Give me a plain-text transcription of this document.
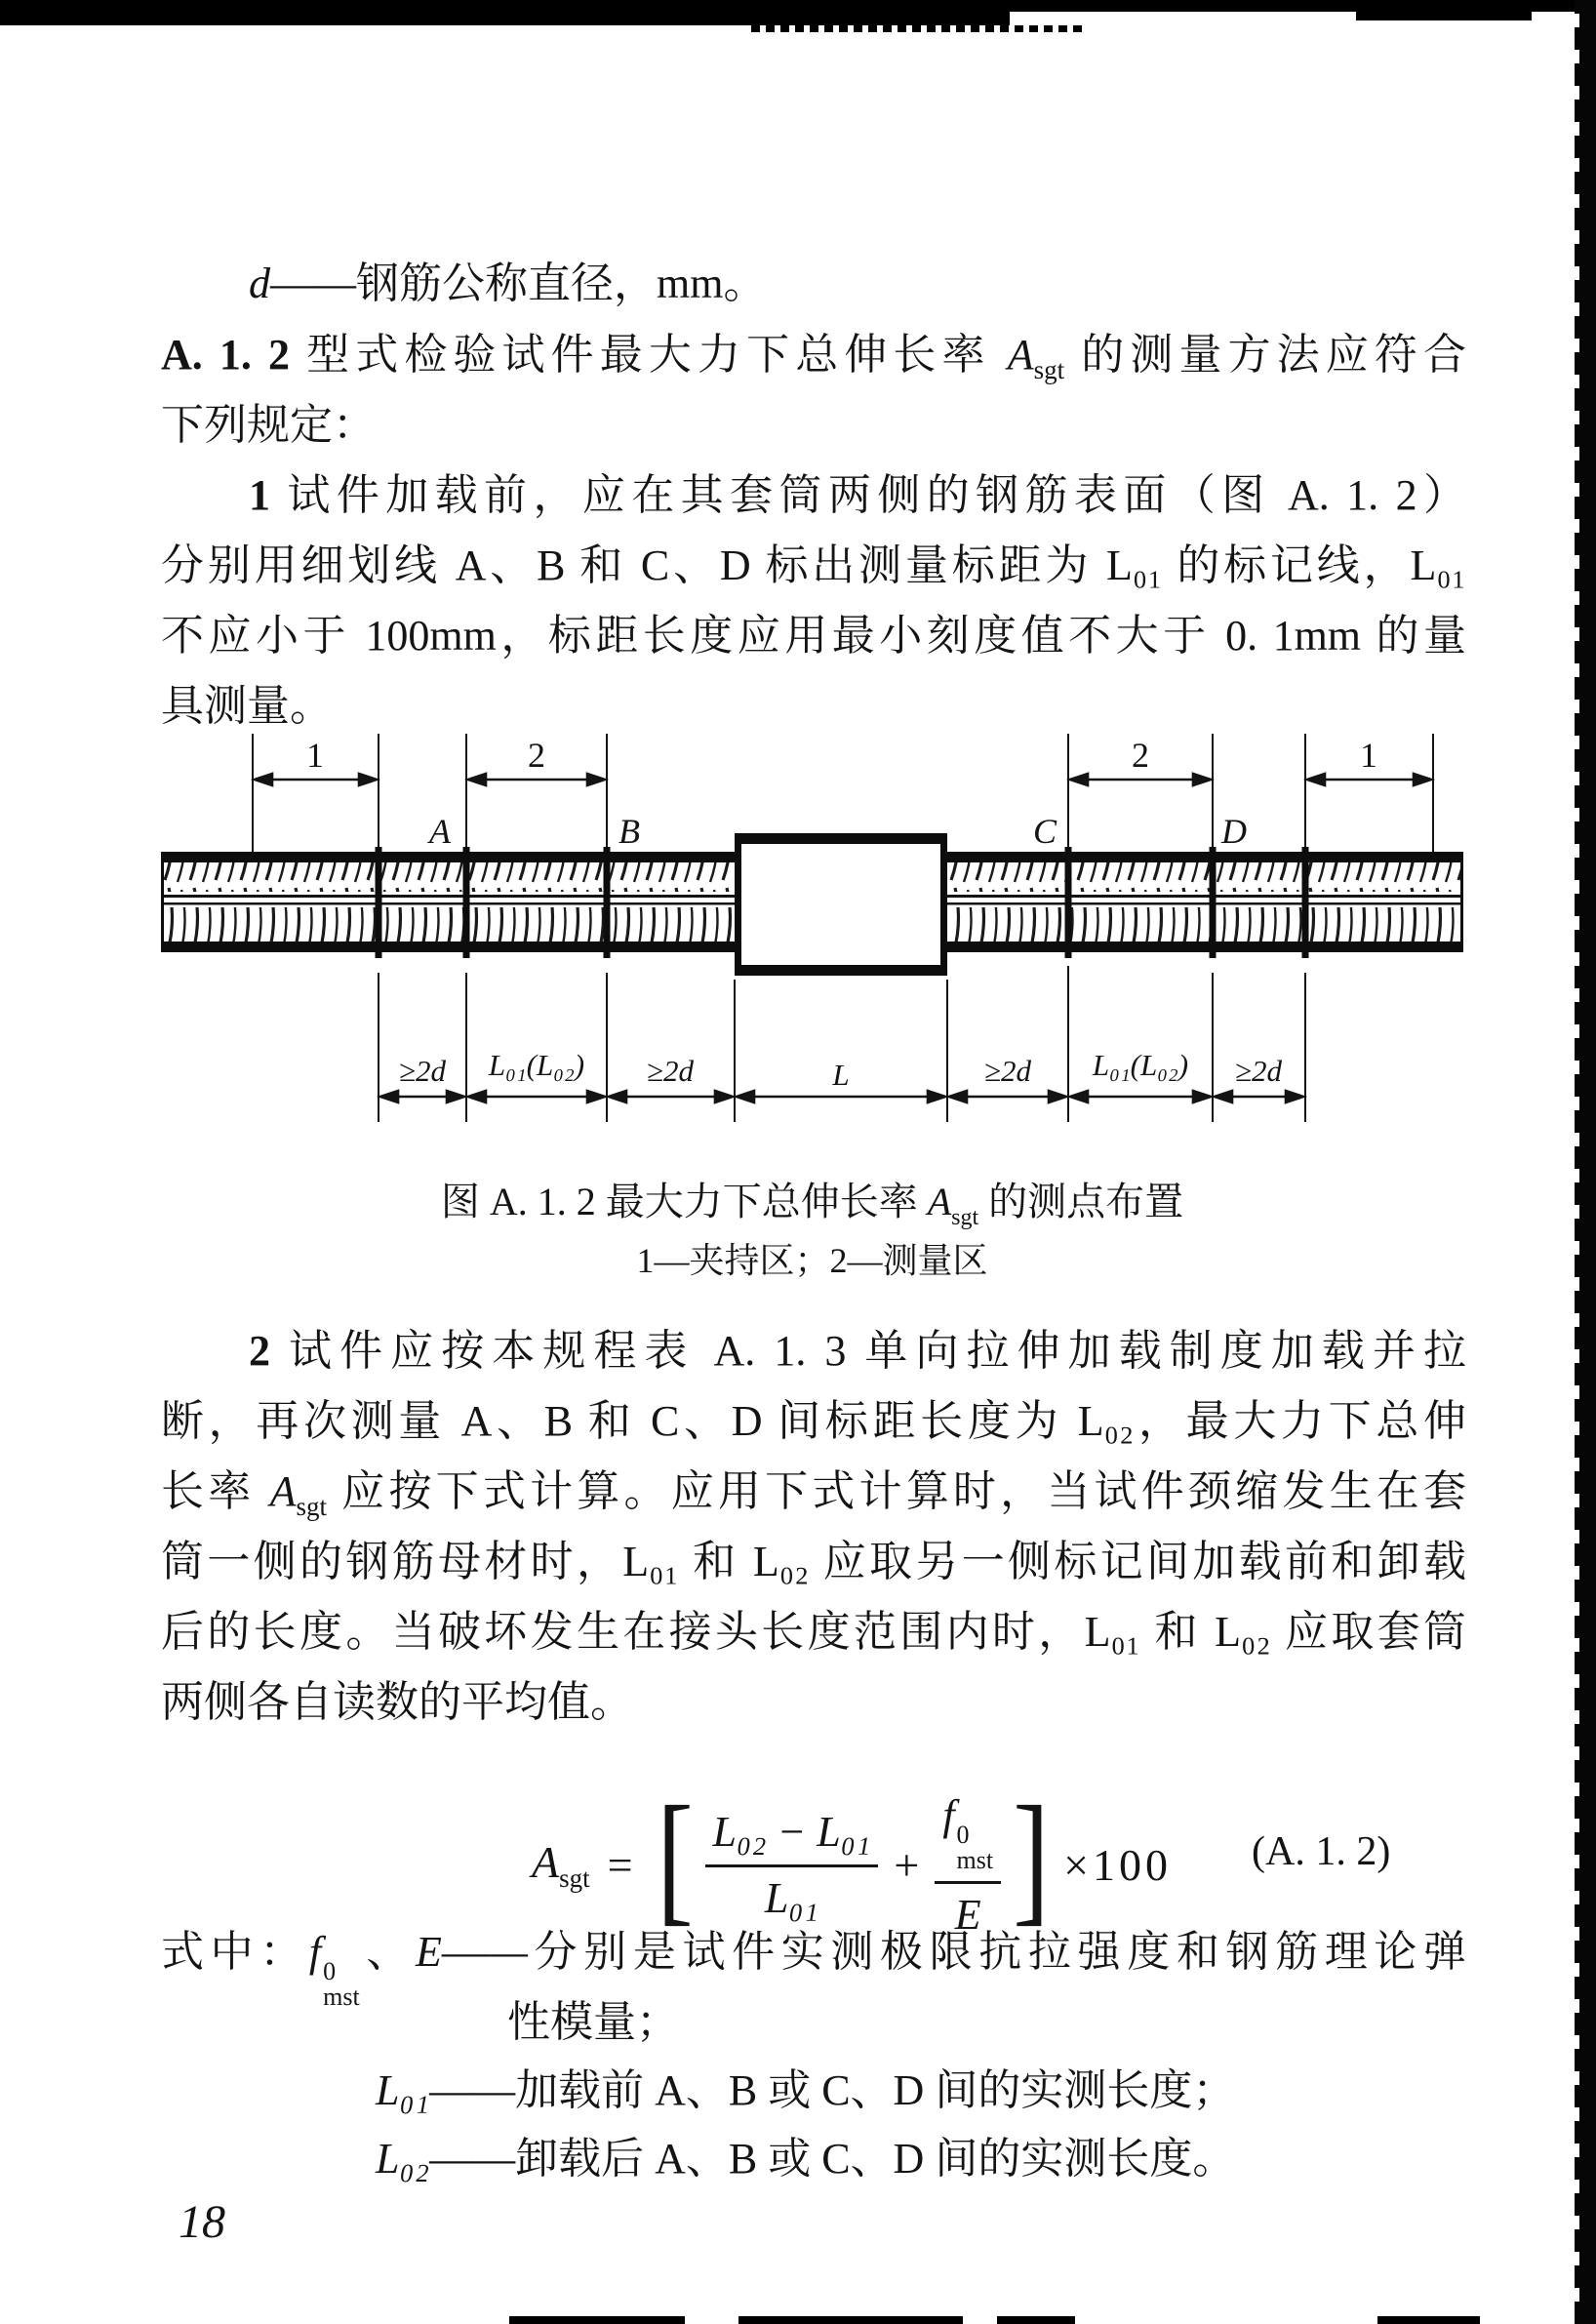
d——钢筋公称直径，mm。
A. 1. 2 型式检验试件最大力下总伸长率 $A_{sgt}$ 的测量方法应符合
下列规定：
1 试件加载前，应在其套筒两侧的钢筋表面（图 A. 1. 2）
分别用细划线 A、B 和 C、D 标出测量标距为 L₀₁ 的标记线，L₀₁
不应小于 100mm，标距长度应用最小刻度值不大于 0. 1mm 的量
具测量。
1	2	2	1
A	B	C	D
≥2d L₀₁(L₀₂) ≥2d	L	≥2d L₀₁(L₀₂) ≥2d
图 A. 1. 2 最大力下总伸长率 $A_{sgt}$ 的测点布置
1—夹持区；2—测量区
2 试件应按本规程表 A. 1. 3 单向拉伸加载制度加载并拉
断，再次测量 A、B 和 C、D 间标距长度为 L₀₂，最大力下总伸
长率 $A_{sgt}$ 应按下式计算。应用下式计算时，当试件颈缩发生在套
筒一侧的钢筋母材时，L₀₁ 和 L₀₂ 应取另一侧标记间加载前和卸载
后的长度。当破坏发生在接头长度范围内时，L₀₁ 和 L₀₂ 应取套筒
两侧各自读数的平均值。
$A_{sgt}$ = [ $\frac{\text{L₀₂ − L₀₁}}{\text{L₀₁}} + f$ 0
mst
E ] ×100 (A. 1. 2)
式中：f 0
mst
、E——分别是试件实测极限抗拉强度和钢筋理论弹
性模量；
L₀₁——加载前 A、B 或 C、D 间的实测长度；
L₀₂——卸载后 A、B 或 C、D 间的实测长度。
18
